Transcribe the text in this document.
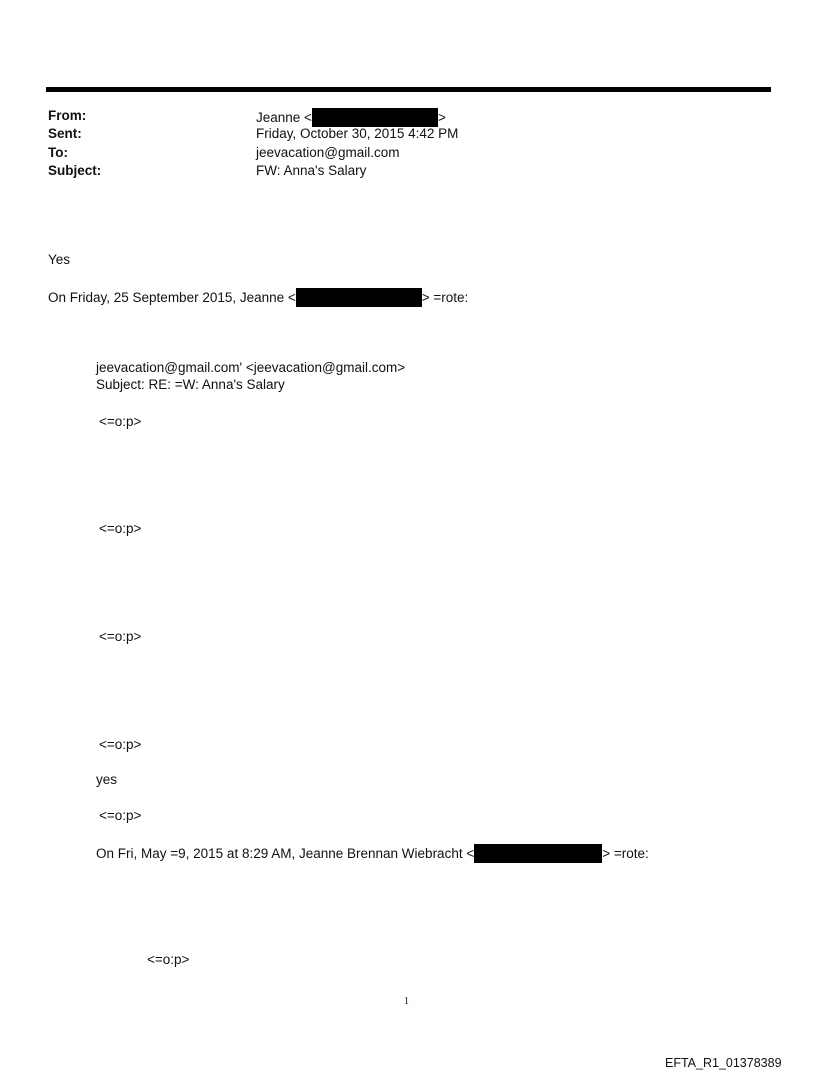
From:	Jeanne <	>
Sent:	Friday, October 30, 2015 4:42 PM
To:	jeevacation@gmail.com
Subject:	FW: Anna's Salary
Yes
On Friday, 25 September 2015, Jeanne <	> =rote:
jeevacation@gmail.com' <jeevacation@gmail.com>
Subject: RE: =W: Anna's Salary
<=o:p>
<=o:p>
<=o:p>
<=o:p>
yes
<=o:p>
On Fri, May =9, 2015 at 8:29 AM, Jeanne Brennan Wiebracht <	> =rote:
<=o:p>
1
EFTA_R1_01378389
